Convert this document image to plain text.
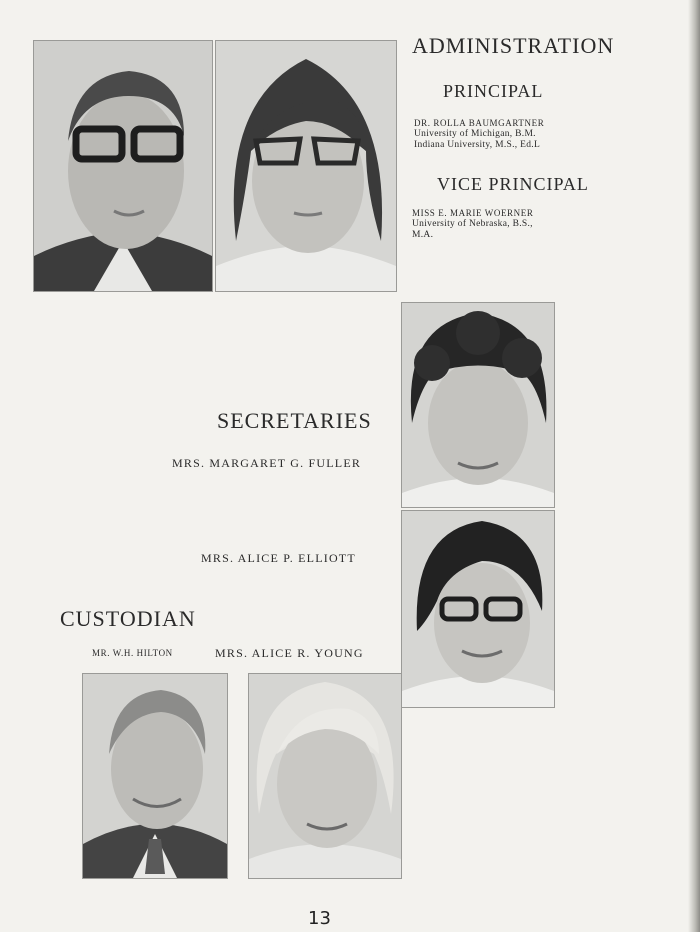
ADMINISTRATION
PRINCIPAL
DR. ROLLA BAUMGARTNER
University of Michigan, B.M.
Indiana University, M.S., Ed.L
VICE PRINCIPAL
MISS E. MARIE WOERNER
University of Nebraska, B.S.,
M.A.
SECRETARIES
MRS. MARGARET G. FULLER
MRS. ALICE P. ELLIOTT
CUSTODIAN
MR. W.H. HILTON	MRS. ALICE R. YOUNG
13
